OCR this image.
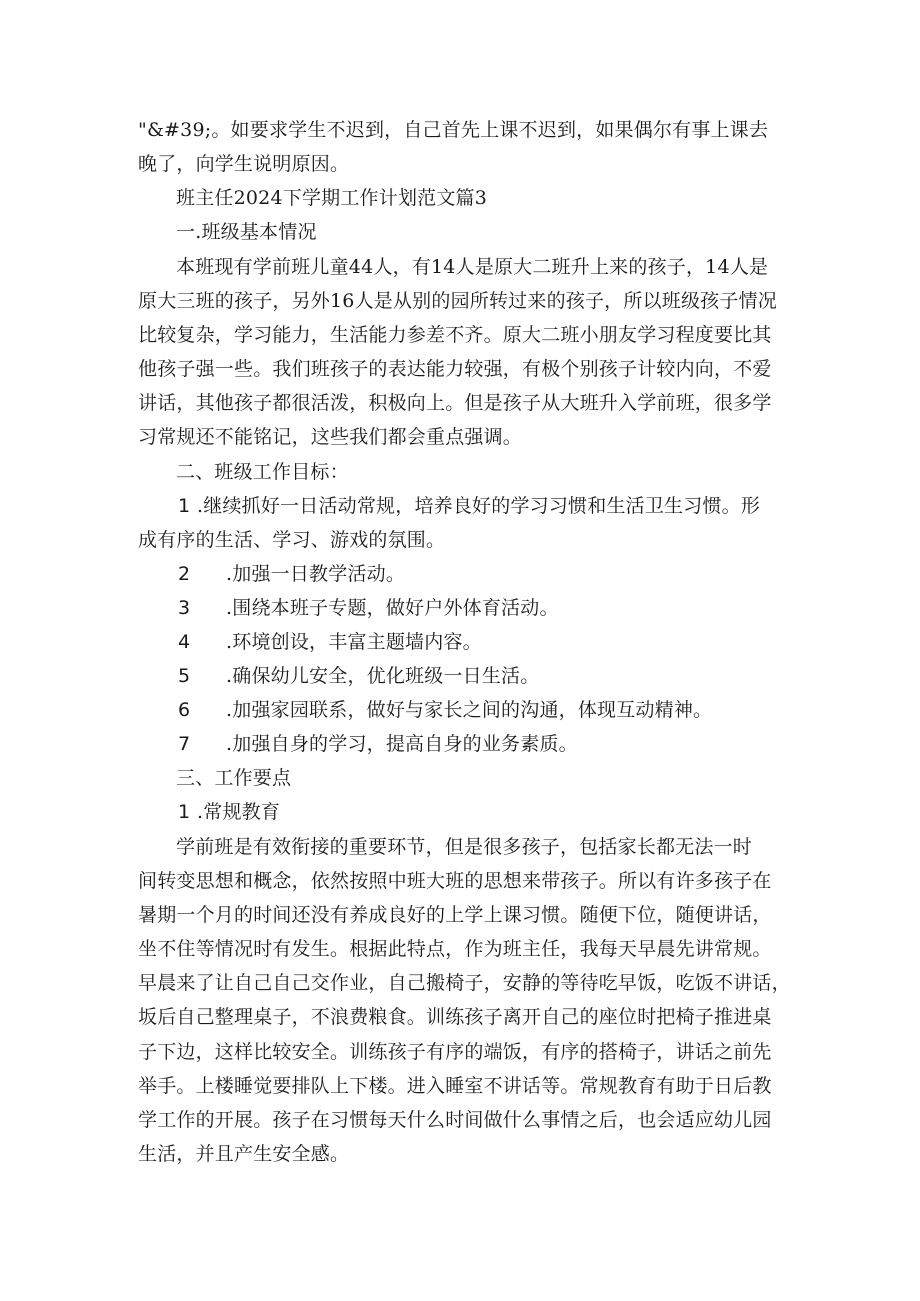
"&#39;。如要求学生不迟到，自己首先上课不迟到，如果偶尔有事上课去
晚了，向学生说明原因。
班主任2024下学期工作计划范文篇3
一.班级基本情况
本班现有学前班儿童44人，有14人是原大二班升上来的孩子，14人是
原大三班的孩子，另外16人是从别的园所转过来的孩子，所以班级孩子情况
比较复杂，学习能力，生活能力参差不齐。原大二班小朋友学习程度要比其
他孩子强一些。我们班孩子的表达能力较强，有极个别孩子计较内向，不爱
讲话，其他孩子都很活泼，积极向上。但是孩子从大班升入学前班，很多学
习常规还不能铭记，这些我们都会重点强调。
二、班级工作目标：
1 .继续抓好一日活动常规，培养良好的学习习惯和生活卫生习惯。形
成有序的生活、学习、游戏的氛围。
2 .加强一日教学活动。
3 .围绕本班子专题，做好户外体育活动。
4 .环境创设，丰富主题墙内容。
5 .确保幼儿安全，优化班级一日生活。
6 .加强家园联系，做好与家长之间的沟通，体现互动精神。
7 .加强自身的学习，提高自身的业务素质。
三、工作要点
1 .常规教育
学前班是有效衔接的重要环节，但是很多孩子，包括家长都无法一时
间转变思想和概念，依然按照中班大班的思想来带孩子。所以有许多孩子在
暑期一个月的时间还没有养成良好的上学上课习惯。随便下位，随便讲话，
坐不住等情况时有发生。根据此特点，作为班主任，我每天早晨先讲常规。
早晨来了让自己自己交作业，自己搬椅子，安静的等待吃早饭，吃饭不讲话，
坂后自己整理桌子，不浪费粮食。训练孩子离开自己的座位时把椅子推进桌
子下边，这样比较安全。训练孩子有序的端饭，有序的搭椅子，讲话之前先
举手。上楼睡觉要排队上下楼。进入睡室不讲话等。常规教育有助于日后教
学工作的开展。孩子在习惯每天什么时间做什么事情之后，也会适应幼儿园
生活，并且产生安全感。
